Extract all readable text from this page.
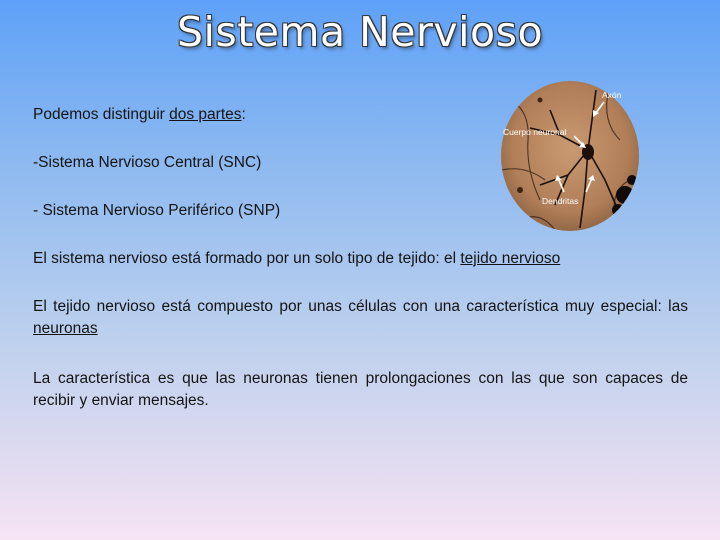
Sistema Nervioso

Podemos distinguir dos partes:

-Sistema Nervioso Central (SNC)

- Sistema Nervioso Periférico (SNP)

El sistema nervioso está formado por un solo tipo de tejido: el tejido nervioso

El tejido nervioso está compuesto por unas células con una característica muy especial: las neuronas

La característica es que las neuronas tienen prolongaciones con las que son capaces de recibir y enviar mensajes.

Axón
Cuerpo neuronal
Dendritas
